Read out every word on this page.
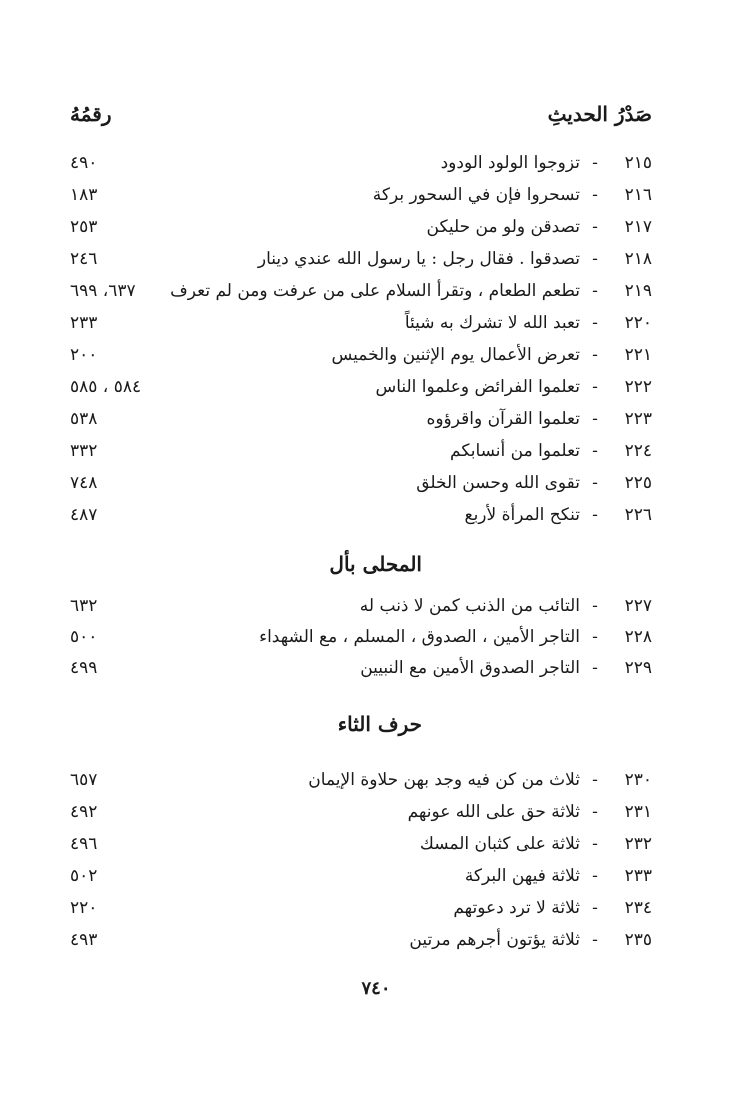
صَدْرُ الحديثِ
رقمُهُ
٢١٥
-
تزوجوا الولود الودود
٤٩٠
٢١٦
-
تسحروا فإن في السحور بركة
١٨٣
٢١٧
-
تصدقن ولو من حليكن
٢٥٣
٢١٨
-
تصدقوا . فقال رجل : يا رسول الله عندي دينار
٢٤٦
٢١٩
-
تطعم الطعام ، وتقرأ السلام على من عرفت ومن لم تعرف
٦٣٧، ٦٩٩
٢٢٠
-
تعبد الله لا تشرك به شيئاً
٢٣٣
٢٢١
-
تعرض الأعمال يوم الإثنين والخميس
٢٠٠
٢٢٢
-
تعلموا الفرائض وعلموا الناس
٥٨٤ ، ٥٨٥
٢٢٣
-
تعلموا القرآن واقرؤوه
٥٣٨
٢٢٤
-
تعلموا من أنسابكم
٣٣٢
٢٢٥
-
تقوى الله وحسن الخلق
٧٤٨
٢٢٦
-
تنكح المرأة لأربع
٤٨٧
المحلى بأل
٢٢٧
-
التائب من الذنب كمن لا ذنب له
٦٣٢
٢٢٨
-
التاجر الأمين ، الصدوق ، المسلم ، مع الشهداء
٥٠٠
٢٢٩
-
التاجر الصدوق الأمين مع النبيين
٤٩٩
حرف الثاء
٢٣٠
-
ثلاث من كن فيه وجد بهن حلاوة الإيمان
٦٥٧
٢٣١
-
ثلاثة حق على الله عونهم
٤٩٢
٢٣٢
-
ثلاثة على كثبان المسك
٤٩٦
٢٣٣
-
ثلاثة فيهن البركة
٥٠٢
٢٣٤
-
ثلاثة لا ترد دعوتهم
٢٢٠
٢٣٥
-
ثلاثة يؤتون أجرهم مرتين
٤٩٣
٧٤٠
